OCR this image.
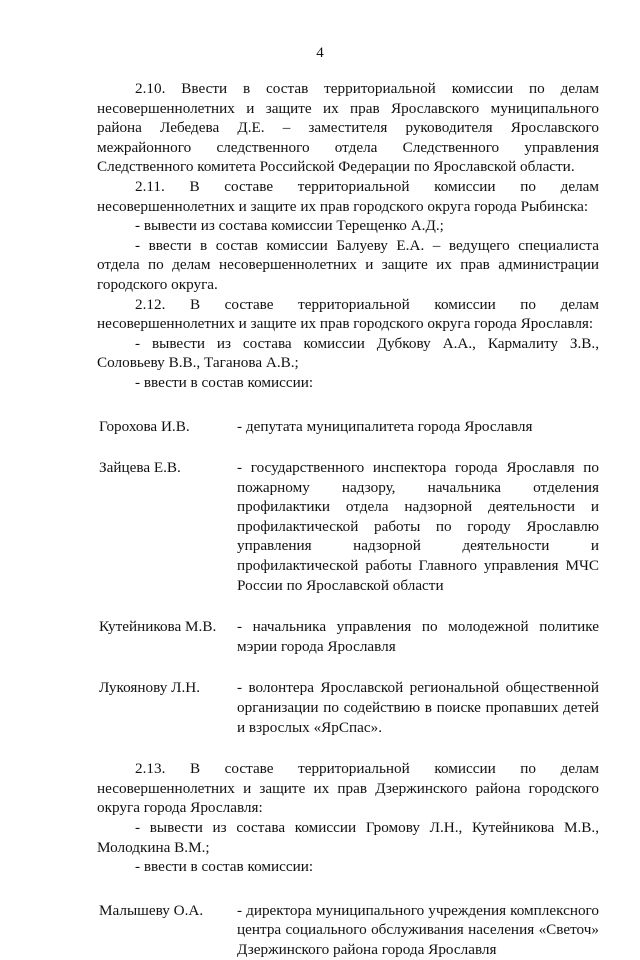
4

2.10. Ввести в состав территориальной комиссии по делам несовершеннолетних и защите их прав Ярославского муниципального района Лебедева Д.Е. – заместителя руководителя Ярославского межрайонного следственного отдела Следственного управления Следственного комитета Российской Федерации по Ярославской области.

2.11. В составе территориальной комиссии по делам несовершеннолетних и защите их прав городского округа города Рыбинска:

- вывести из состава комиссии Терещенко А.Д.;

- ввести в состав комиссии Балуеву Е.А. – ведущего специалиста отдела по делам несовершеннолетних и защите их прав администрации городского округа.

2.12. В составе территориальной комиссии по делам несовершеннолетних и защите их прав городского округа города Ярославля:

- вывести из состава комиссии Дубкову А.А., Кармалиту З.В., Соловьеву В.В., Таганова А.В.;

- ввести в состав комиссии:

Горохова И.В.	- депутата муниципалитета города Ярославля
Зайцева Е.В.	- государственного инспектора города Ярославля по пожарному надзору, начальника отделения профилактики отдела надзорной деятельности и профилактической работы по городу Ярославлю управления надзорной деятельности и профилактической работы Главного управления МЧС России по Ярославской области
Кутейникова М.В.	- начальника управления по молодежной политике мэрии города Ярославля
Лукоянову Л.Н.	- волонтера Ярославской региональной общественной организации по содействию в поиске пропавших детей и взрослых «ЯрСпас».

2.13. В составе территориальной комиссии по делам несовершеннолетних и защите их прав Дзержинского района городского округа города Ярославля:

- вывести из состава комиссии Громову Л.Н., Кутейникова М.В., Молодкина В.М.;

- ввести в состав комиссии:

Малышеву О.А.	- директора муниципального учреждения комплексного центра социального обслуживания населения «Светоч» Дзержинского района города Ярославля
